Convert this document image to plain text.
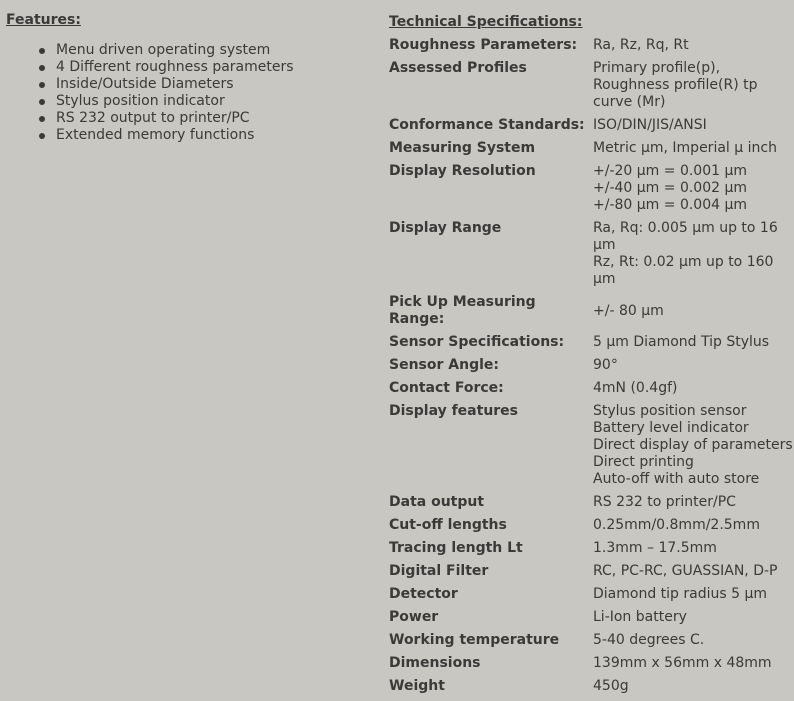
Features:

Menu driven operating system
4 Different roughness parameters
Inside/Outside Diameters
Stylus position indicator
RS 232 output to printer/PC
Extended memory functions

Technical Specifications:

Roughness Parameters:	Ra, Rz, Rq, Rt
Assessed Profiles	Primary profile(p),
Roughness profile(R) tp curve (Mr)
Conformance Standards:	ISO/DIN/JIS/ANSI
Measuring System	Metric µm, Imperial µ inch
Display Resolution	+/-20 µm = 0.001 µm
+/-40 µm = 0.002 µm
+/-80 µm = 0.004 µm
Display Range	Ra, Rq: 0.005 µm up to 16 µm
Rz, Rt: 0.02 µm up to 160 µm
Pick Up Measuring Range:	+/- 80 µm
Sensor Specifications:	5 µm Diamond Tip Stylus
Sensor Angle:	90°
Contact Force:	4mN (0.4gf)
Display features	Stylus position sensor
Battery level indicator
Direct display of parameters
Direct printing
Auto-off with auto store
Data output	RS 232 to printer/PC
Cut-off lengths	0.25mm/0.8mm/2.5mm
Tracing length Lt	1.3mm – 17.5mm
Digital Filter	RC, PC-RC, GUASSIAN, D-P
Detector	Diamond tip radius 5 µm
Power	Li-Ion battery
Working temperature	5-40 degrees C.
Dimensions	139mm x 56mm x 48mm
Weight	450g
